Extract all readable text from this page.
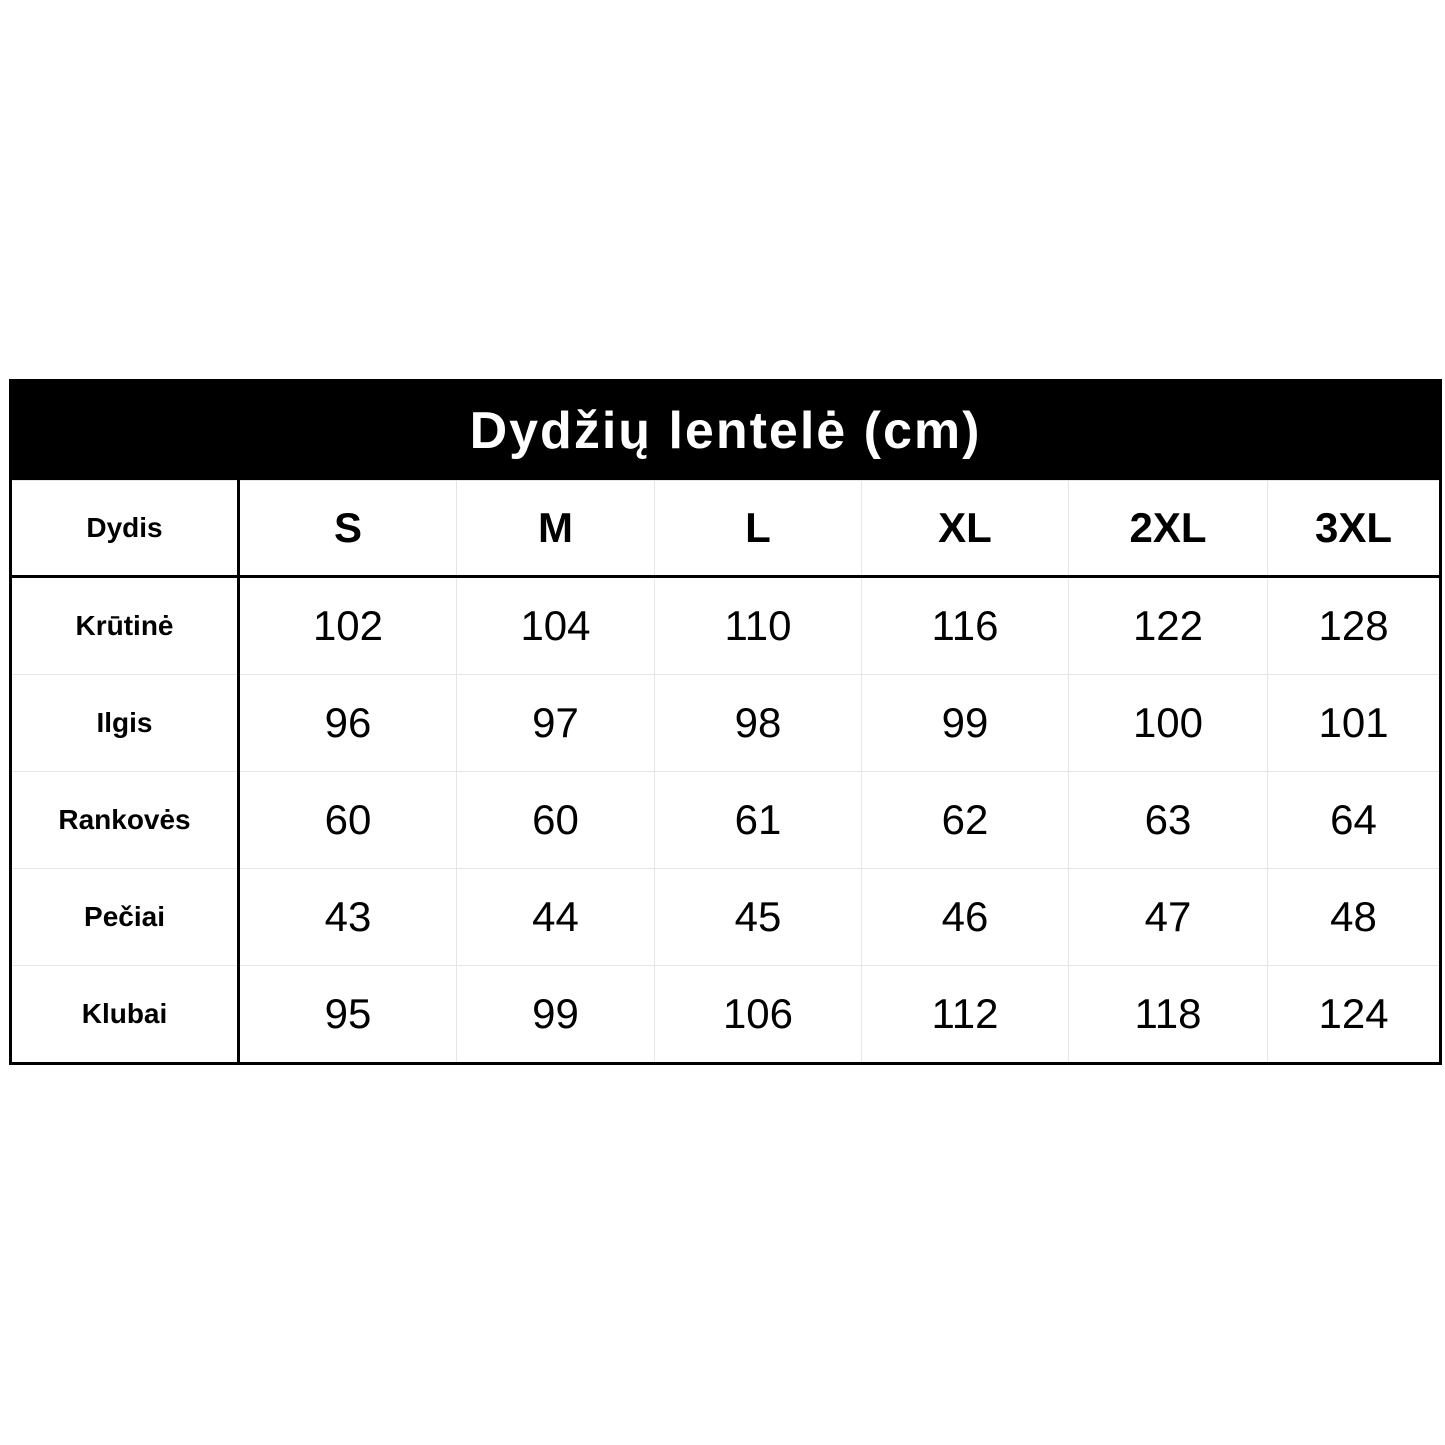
Dydžių lentelė (cm)						
Dydis	S	M	L	XL	2XL	3XL
Krūtinė	102	104	110	116	122	128
Ilgis	96	97	98	99	100	101
Rankovės	60	60	61	62	63	64
Pečiai	43	44	45	46	47	48
Klubai	95	99	106	112	118	124
